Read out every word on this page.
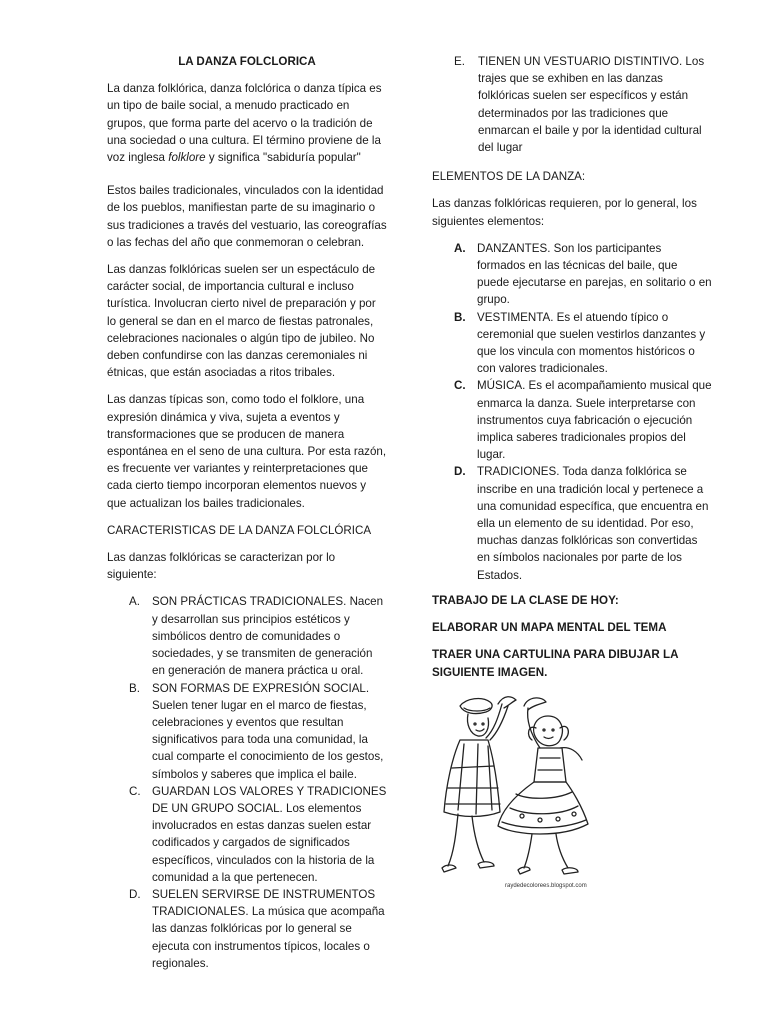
LA DANZA FOLCLORICA

La danza folklórica, danza folclórica o danza típica es un tipo de baile social, a menudo practicado en grupos, que forma parte del acervo o la tradición de una sociedad o una cultura. El término proviene de la voz inglesa folklore y significa "sabiduría popular"

Estos bailes tradicionales, vinculados con la identidad de los pueblos, manifiestan parte de su imaginario o sus tradiciones a través del vestuario, las coreografías o las fechas del año que conmemoran o celebran.

Las danzas folklóricas suelen ser un espectáculo de carácter social, de importancia cultural e incluso turística. Involucran cierto nivel de preparación y por lo general se dan en el marco de fiestas patronales, celebraciones nacionales o algún tipo de jubileo. No deben confundirse con las danzas ceremoniales ni étnicas, que están asociadas a ritos tribales.

Las danzas típicas son, como todo el folklore, una expresión dinámica y viva, sujeta a eventos y transformaciones que se producen de manera espontánea en el seno de una cultura. Por esta razón, es frecuente ver variantes y reinterpretaciones que cada cierto tiempo incorporan elementos nuevos y que actualizan los bailes tradicionales.

CARACTERISTICAS DE LA DANZA FOLCLÓRICA

Las danzas folklóricas se caracterizan por lo siguiente:

A. SON PRÁCTICAS TRADICIONALES. Nacen y desarrollan sus principios estéticos y simbólicos dentro de comunidades o sociedades, y se transmiten de generación en generación de manera práctica u oral.
B. SON FORMAS DE EXPRESIÓN SOCIAL. Suelen tener lugar en el marco de fiestas, celebraciones y eventos que resultan significativos para toda una comunidad, la cual comparte el conocimiento de los gestos, símbolos y saberes que implica el baile.
C. GUARDAN LOS VALORES Y TRADICIONES DE UN GRUPO SOCIAL. Los elementos involucrados en estas danzas suelen estar codificados y cargados de significados específicos, vinculados con la historia de la comunidad a la que pertenecen.
D. SUELEN SERVIRSE DE INSTRUMENTOS TRADICIONALES. La música que acompaña las danzas folklóricas por lo general se ejecuta con instrumentos típicos, locales o regionales.
E. TIENEN UN VESTUARIO DISTINTIVO. Los trajes que se exhiben en las danzas folklóricas suelen ser específicos y están determinados por las tradiciones que enmarcan el baile y por la identidad cultural del lugar

ELEMENTOS DE LA DANZA:

Las danzas folklóricas requieren, por lo general, los siguientes elementos:

A. DANZANTES. Son los participantes formados en las técnicas del baile, que puede ejecutarse en parejas, en solitario o en grupo.
B. VESTIMENTA. Es el atuendo típico o ceremonial que suelen vestirlos danzantes y que los vincula con momentos históricos o con valores tradicionales.
C. MÚSICA. Es el acompañamiento musical que enmarca la danza. Suele interpretarse con instrumentos cuya fabricación o ejecución implica saberes tradicionales propios del lugar.
D. TRADICIONES. Toda danza folklórica se inscribe en una tradición local y pertenece a una comunidad específica, que encuentra en ella un elemento de su identidad. Por eso, muchas danzas folklóricas son convertidas en símbolos nacionales por parte de los Estados.

TRABAJO DE LA CLASE DE HOY:

ELABORAR UN MAPA MENTAL DEL TEMA

TRAER UNA CARTULINA PARA DIBUJAR LA SIGUIENTE IMAGEN.

raydedecolorees.blogspot.com
